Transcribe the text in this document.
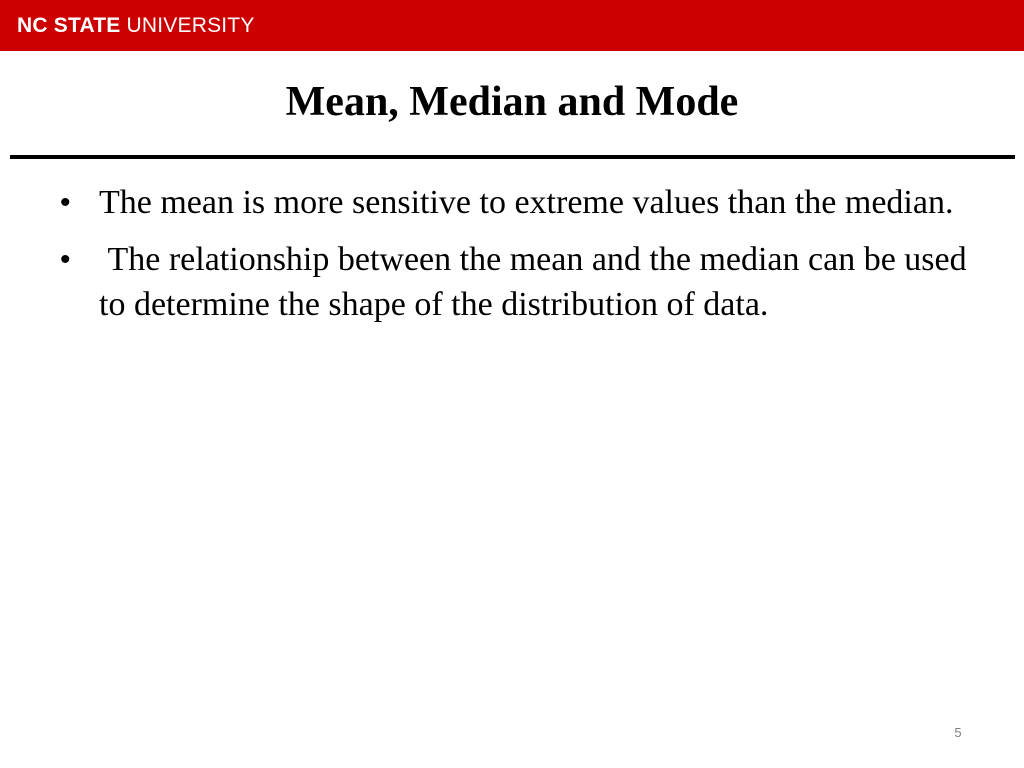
NC STATE UNIVERSITY
Mean, Median and Mode
• The mean is more sensitive to extreme values than the median.
• The relationship between the mean and the median can be used to determine the shape of the distribution of data.
5
